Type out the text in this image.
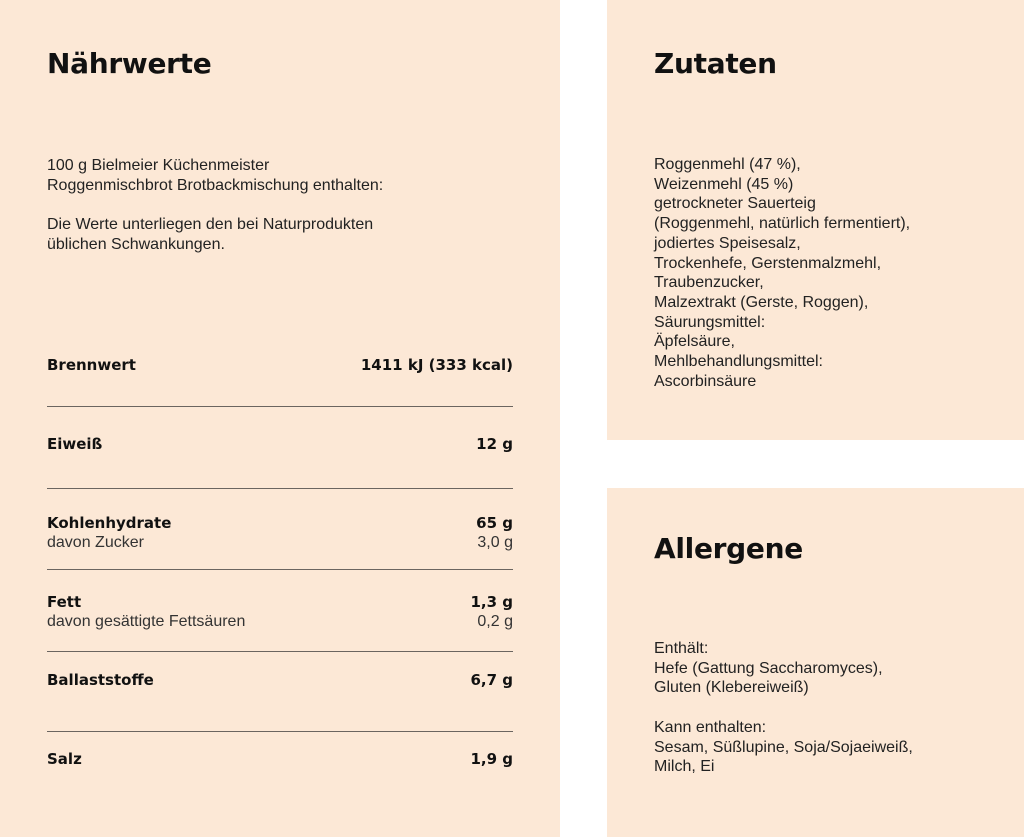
Nährwerte

100 g Bielmeier Küchenmeister
Roggenmischbrot Brotbackmischung enthalten:

Die Werte unterliegen den bei Naturprodukten
üblichen Schwankungen.

Brennwert	1411 kJ (333 kcal)
Eiweiß	12 g
Kohlenhydrate	65 g
davon Zucker	3,0 g
Fett	1,3 g
davon gesättigte Fettsäuren	0,2 g
Ballaststoffe	6,7 g
Salz	1,9 g
Zutaten

Roggenmehl (47 %),
Weizenmehl (45 %)
getrockneter Sauerteig
(Roggenmehl, natürlich fermentiert),
jodiertes Speisesalz,
Trockenhefe, Gerstenmalzmehl,
Traubenzucker,
Malzextrakt (Gerste, Roggen),
Säurungsmittel:
Äpfelsäure,
Mehlbehandlungsmittel:
Ascorbinsäure

Allergene

Enthält:
Hefe (Gattung Saccharomyces),
Gluten (Klebereiweiß)

Kann enthalten:
Sesam, Süßlupine, Soja/Sojaeiweiß,
Milch, Ei
